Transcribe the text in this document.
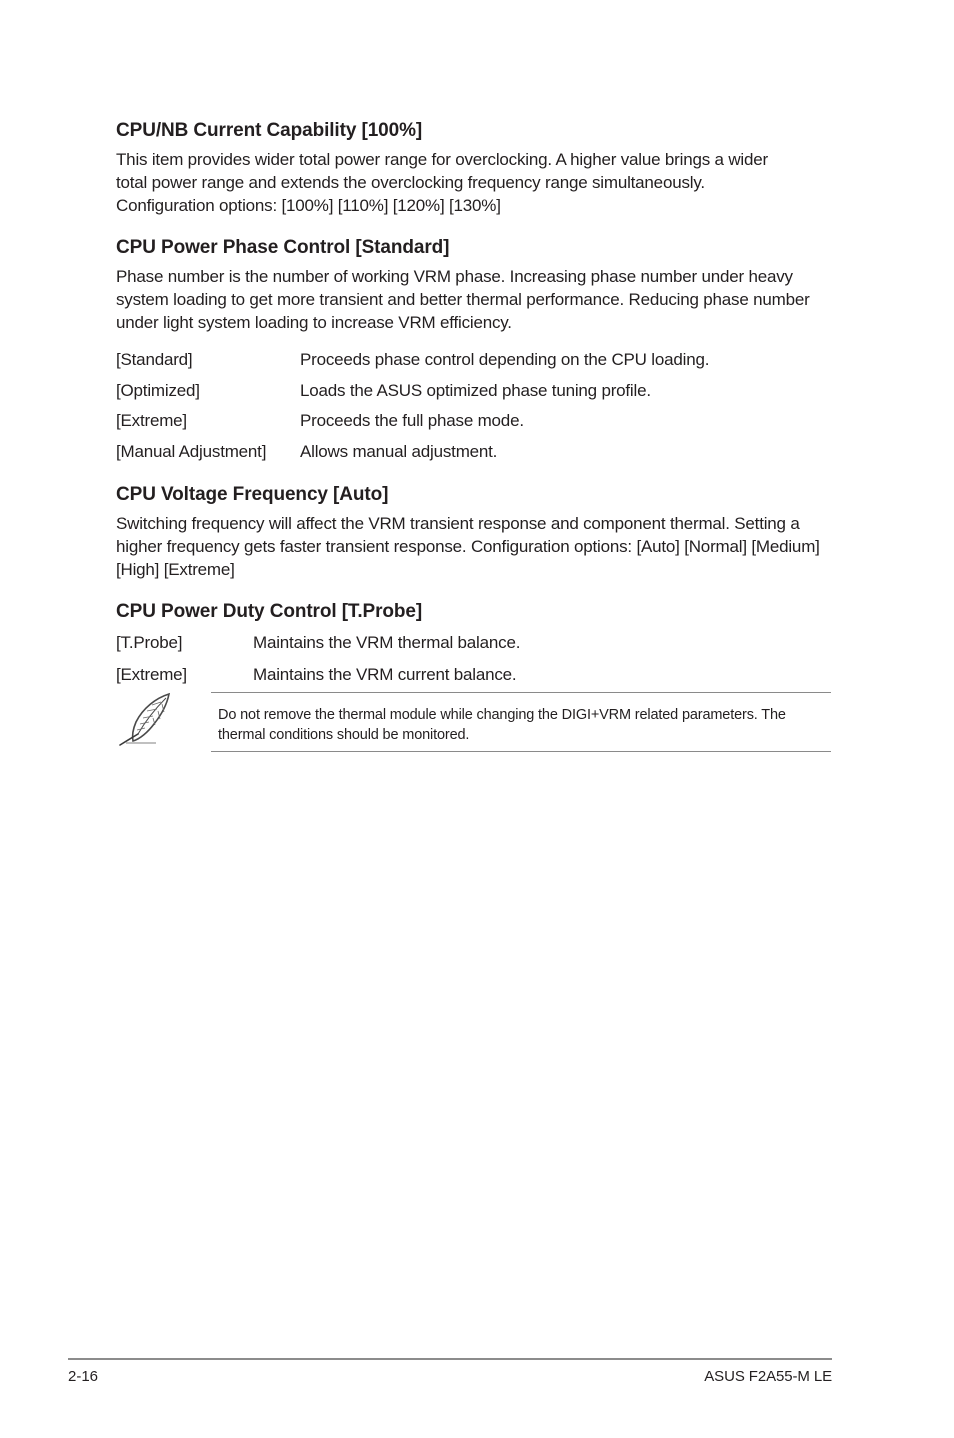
CPU/NB Current Capability [100%]

This item provides wider total power range for overclocking. A higher value brings a wider total power range and extends the overclocking frequency range simultaneously. Configuration options: [100%] [110%] [120%] [130%]

CPU Power Phase Control [Standard]

Phase number is the number of working VRM phase. Increasing phase number under heavy system loading to get more transient and better thermal performance. Reducing phase number under light system loading to increase VRM efficiency.

[Standard]	Proceeds phase control depending on the CPU loading.
[Optimized]	Loads the ASUS optimized phase tuning profile.
[Extreme]	Proceeds the full phase mode.
[Manual Adjustment]	Allows manual adjustment.
CPU Voltage Frequency [Auto]

Switching frequency will affect the VRM transient response and component thermal. Setting a higher frequency gets faster transient response. Configuration options: [Auto] [Normal] [Medium] [High] [Extreme]

CPU Power Duty Control [T.Probe]
[T.Probe]	Maintains the VRM thermal balance.
[Extreme]	Maintains the VRM current balance.
Do not remove the thermal module while changing the DIGI+VRM related parameters. The thermal conditions should be monitored.
2-16	ASUS F2A55-M LE
